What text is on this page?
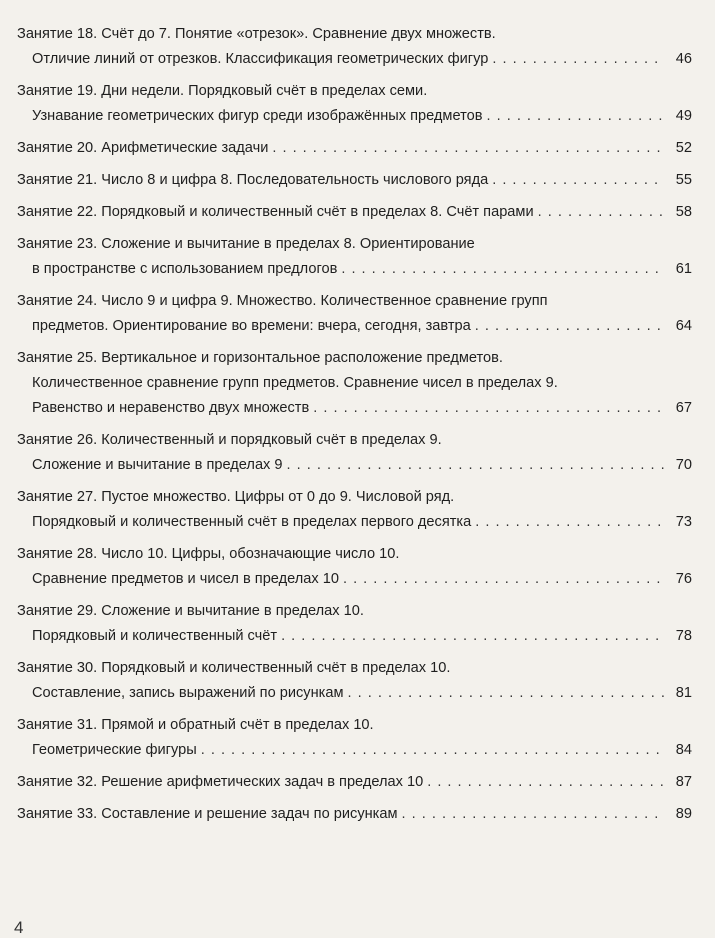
Занятие 18. Счёт до 7. Понятие «отрезок». Сравнение двух множеств.
Отличие линий от отрезков. Классификация геометрических фигур . . .	46
Занятие 19. Дни недели. Порядковый счёт в пределах семи.
Узнавание геометрических фигур среди изображённых предметов . . .	49
Занятие 20. Арифметические задачи . . .	52
Занятие 21. Число 8 и цифра 8. Последовательность числового ряда . . .	55
Занятие 22. Порядковый и количественный счёт в пределах 8. Счёт парами . . .	58
Занятие 23. Сложение и вычитание в пределах 8. Ориентирование
в пространстве с использованием предлогов . . .	61
Занятие 24. Число 9 и цифра 9. Множество. Количественное сравнение групп
предметов. Ориентирование во времени: вчера, сегодня, завтра . . .	64
Занятие 25. Вертикальное и горизонтальное расположение предметов.
Количественное сравнение групп предметов. Сравнение чисел в пределах 9.
Равенство и неравенство двух множеств . . .	67
Занятие 26. Количественный и порядковый счёт в пределах 9.
Сложение и вычитание в пределах 9 . . .	70
Занятие 27. Пустое множество. Цифры от 0 до 9. Числовой ряд.
Порядковый и количественный счёт в пределах первого десятка . . .	73
Занятие 28. Число 10. Цифры, обозначающие число 10.
Сравнение предметов и чисел в пределах 10 . . .	76
Занятие 29. Сложение и вычитание в пределах 10.
Порядковый и количественный счёт . . .	78
Занятие 30. Порядковый и количественный счёт в пределах 10.
Составление, запись выражений по рисункам . . .	81
Занятие 31. Прямой и обратный счёт в пределах 10.
Геометрические фигуры . . .	84
Занятие 32. Решение арифметических задач в пределах 10 . . .	87
Занятие 33. Составление и решение задач по рисункам . . .	89
4
